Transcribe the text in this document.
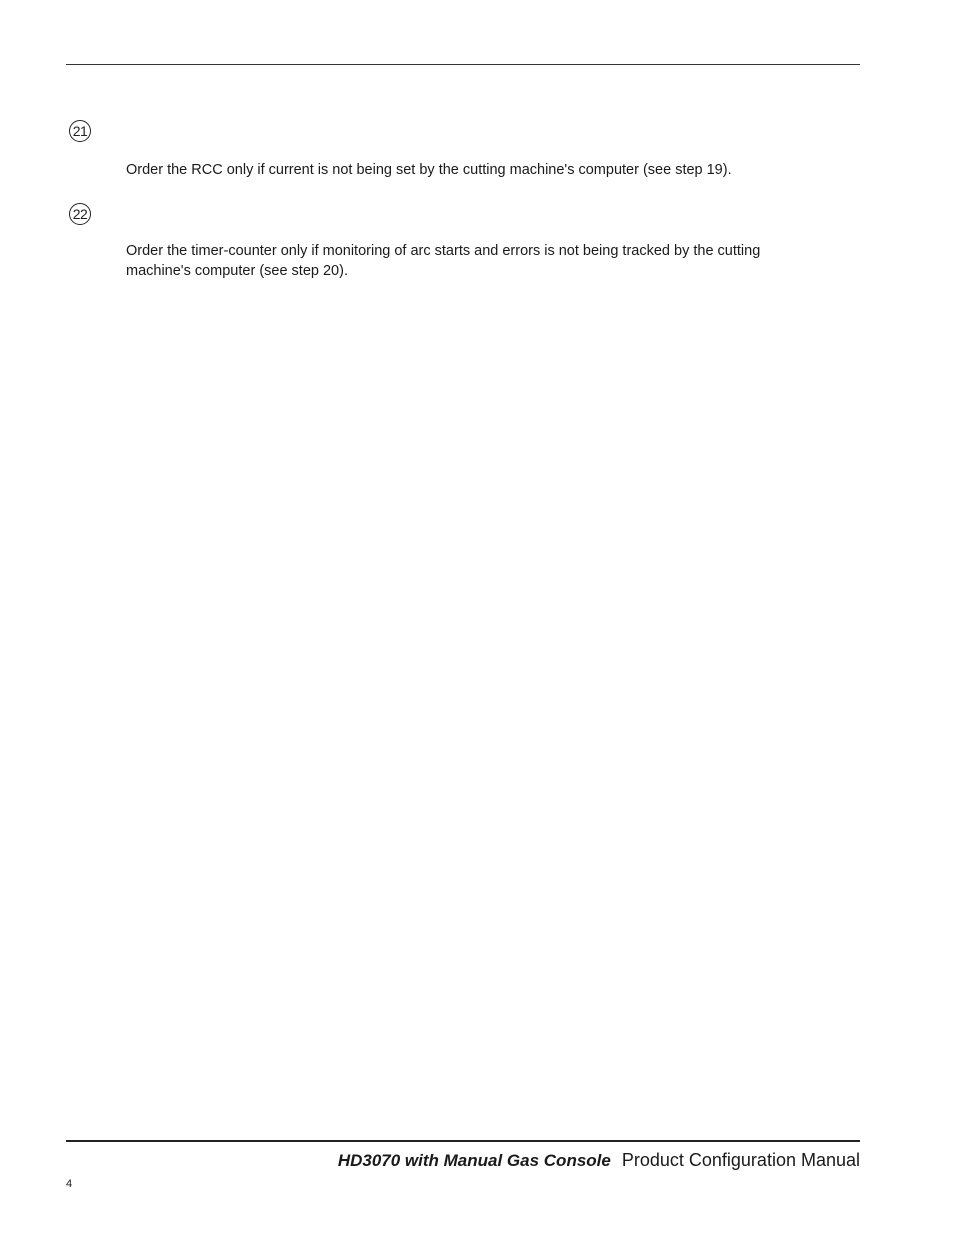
21
Order the RCC only if current is not being set by the cutting machine's computer (see step 19).
22
Order the timer-counter only if monitoring of arc starts and errors is not being tracked by the cutting machine's computer (see step 20).
HD3070 with Manual Gas Console Product Configuration Manual
4
